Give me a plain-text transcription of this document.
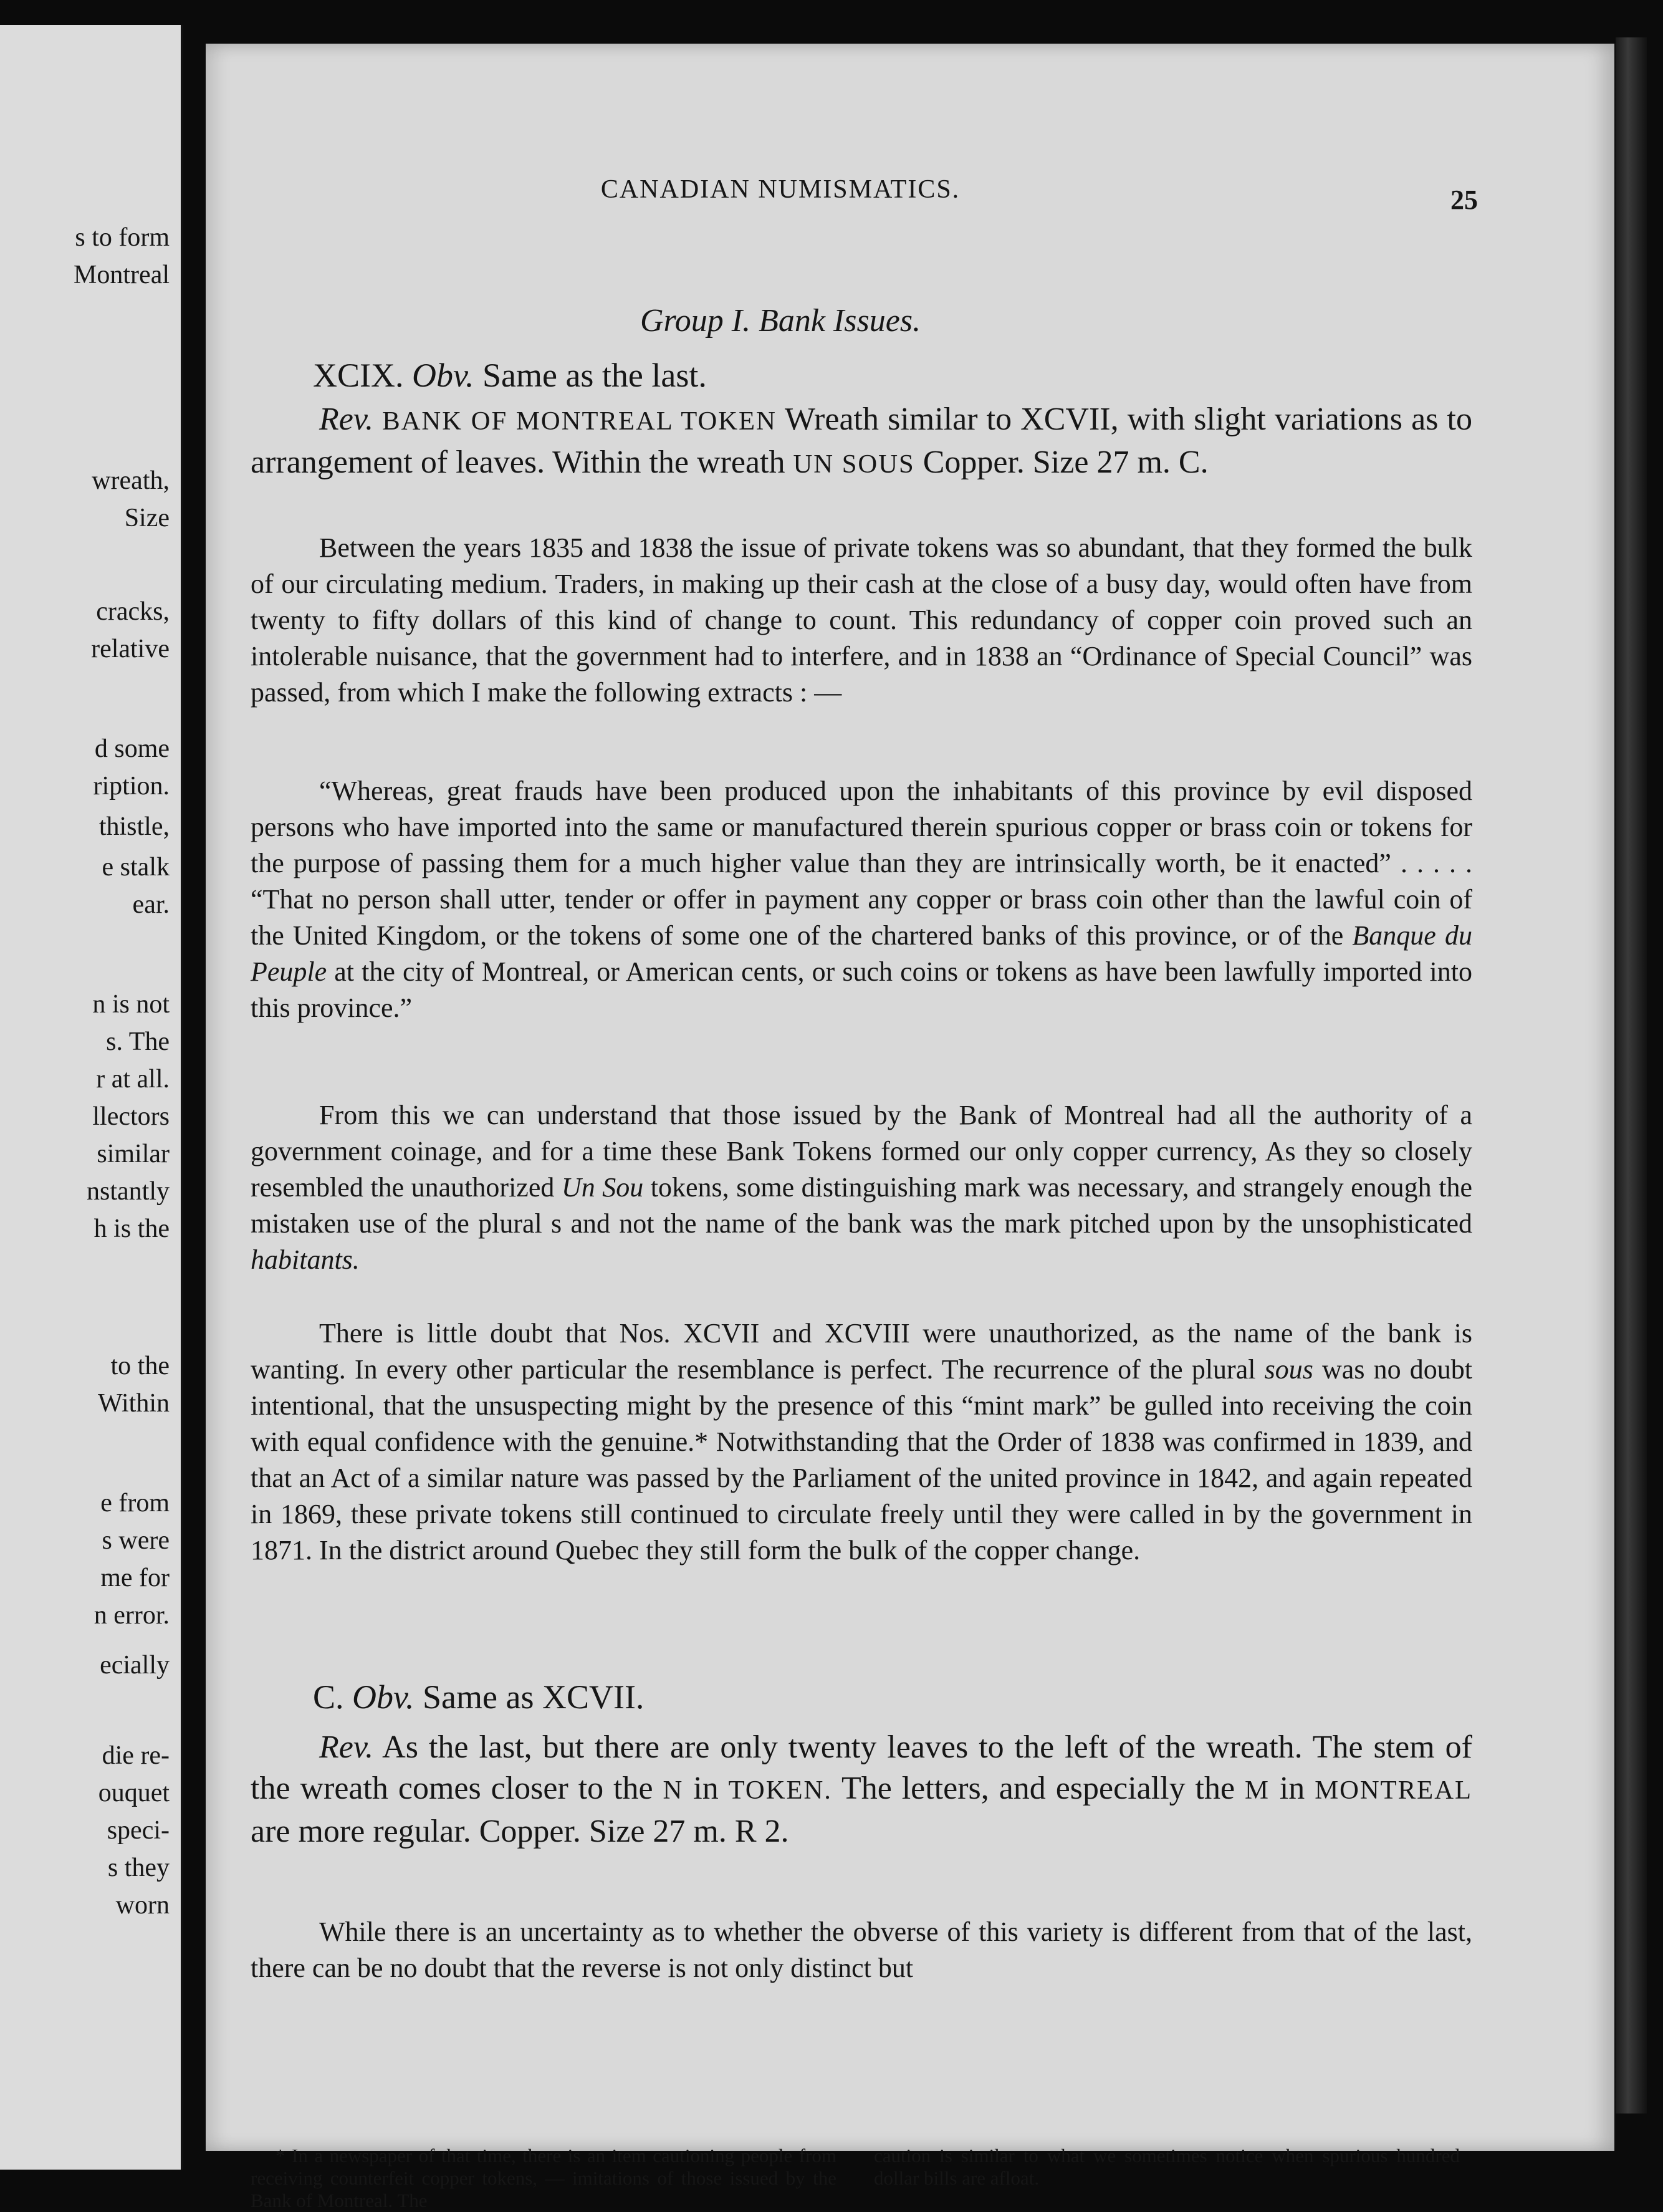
s to form
Montreal
wreath,
Size
cracks,
relative
d some
ription.
thistle,
e stalk
ear.
n is not
s. The
r at all.
llectors
similar
nstantly
h is the
to the
Within
e from
s were
me for
n error.
ecially
die re-
ouquet
speci-
s they
worn
CANADIAN NUMISMATICS.	25
Group I. Bank Issues.
XCIX. Obv. Same as the last.
Rev. BANK OF MONTREAL TOKEN Wreath similar to XCVII, with slight variations as to arrangement of leaves. Within the wreath UN SOUS Copper. Size 27 m. C.
Between the years 1835 and 1838 the issue of private tokens was so abundant, that they formed the bulk of our circulating medium. Traders, in making up their cash at the close of a busy day, would often have from twenty to fifty dollars of this kind of change to count. This redundancy of copper coin proved such an intolerable nuisance, that the government had to interfere, and in 1838 an “Ordinance of Special Council” was passed, from which I make the following extracts : —
“Whereas, great frauds have been produced upon the inhabitants of this province by evil disposed persons who have imported into the same or manufactured therein spurious copper or brass coin or tokens for the purpose of passing them for a much higher value than they are intrinsically worth, be it enacted” . . . . . “That no person shall utter, tender or offer in payment any copper or brass coin other than the lawful coin of the United Kingdom, or the tokens of some one of the chartered banks of this province, or of the Banque du Peuple at the city of Montreal, or American cents, or such coins or tokens as have been lawfully imported into this province.”
From this we can understand that those issued by the Bank of Montreal had all the authority of a government coinage, and for a time these Bank Tokens formed our only copper currency, As they so closely resembled the unauthorized Un Sou tokens, some distinguishing mark was necessary, and strangely enough the mistaken use of the plural s and not the name of the bank was the mark pitched upon by the unsophisticated habitants.
There is little doubt that Nos. XCVII and XCVIII were unauthorized, as the name of the bank is wanting. In every other particular the resemblance is perfect. The recurrence of the plural sous was no doubt intentional, that the unsuspecting might by the presence of this “mint mark” be gulled into receiving the coin with equal confidence with the genuine.* Notwithstanding that the Order of 1838 was confirmed in 1839, and that an Act of a similar nature was passed by the Parliament of the united province in 1842, and again repeated in 1869, these private tokens still continued to circulate freely until they were called in by the government in 1871. In the district around Quebec they still form the bulk of the copper change.
C. Obv. Same as XCVII.
Rev. As the last, but there are only twenty leaves to the left of the wreath. The stem of the wreath comes closer to the N in TOKEN. The letters, and especially the M in MONTREAL are more regular. Copper. Size 27 m. R 2.
While there is an uncertainty as to whether the obverse of this variety is different from that of the last, there can be no doubt that the reverse is not only distinct but
* In a newspaper of that time, there is an item cautioning people from receiving counterfeit copper tokens, — imitations of those issued by the Bank of Montreal. The
caution is similar to what we sometimes notice when spurious hundred dollar bills are afloat.
